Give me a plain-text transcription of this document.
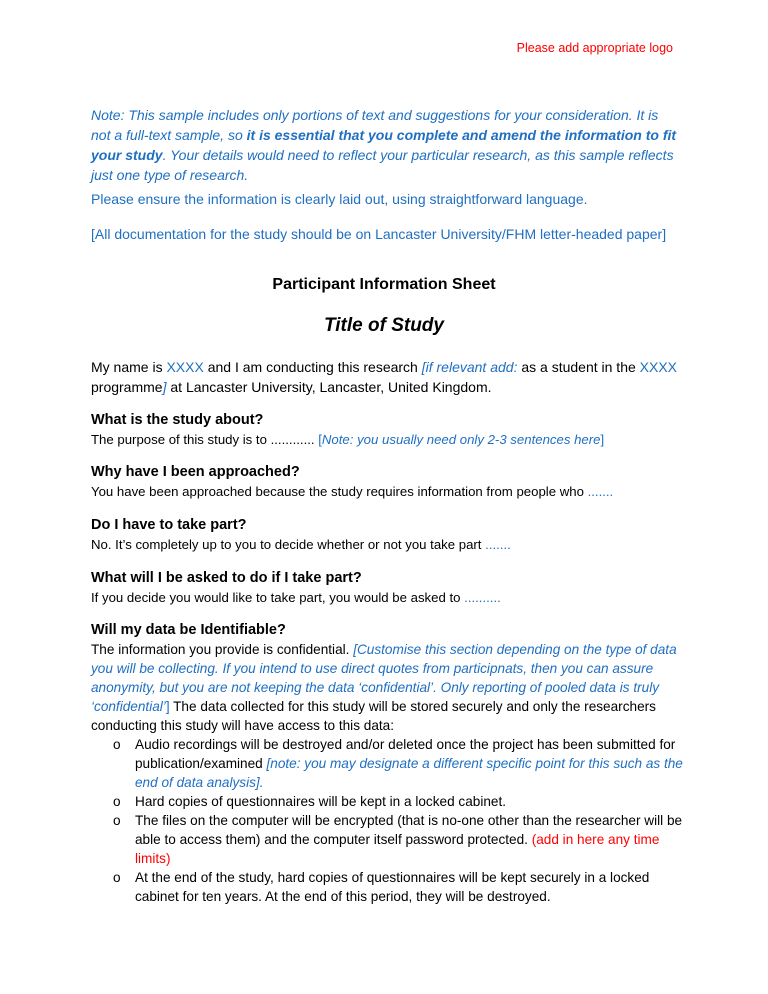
Please add appropriate logo

Note: This sample includes only portions of text and suggestions for your consideration. It is not a full-text sample, so it is essential that you complete and amend the information to fit your study. Your details would need to reflect your particular research, as this sample reflects just one type of research.

Please ensure the information is clearly laid out, using straightforward language.

[All documentation for the study should be on Lancaster University/FHM letter-headed paper]

Participant Information Sheet
Title of Study

My name is XXXX and I am conducting this research [if relevant add: as a student in the XXXX
programme] at Lancaster University, Lancaster, United Kingdom.

What is the study about?

The purpose of this study is to ............ [Note: you usually need only 2-3 sentences here]

Why have I been approached?

You have been approached because the study requires information from people who .......

Do I have to take part?

No. It’s completely up to you to decide whether or not you take part .......

What will I be asked to do if I take part?

If you decide you would like to take part, you would be asked to ..........

Will my data be Identifiable?

The information you provide is confidential. [Customise this section depending on the type of data you will be collecting. If you intend to use direct quotes from participnats, then you can assure anonymity, but you are not keeping the data ‘confidential’. Only reporting of pooled data is truly ‘confidential’] The data collected for this study will be stored securely and only the researchers conducting this study will have access to this data:

o Audio recordings will be destroyed and/or deleted once the project has been submitted for publication/examined [note: you may designate a different specific point for this such as the end of data analysis].
o Hard copies of questionnaires will be kept in a locked cabinet.
o The files on the computer will be encrypted (that is no-one other than the researcher will be able to access them) and the computer itself password protected. (add in here any time limits)
o At the end of the study, hard copies of questionnaires will be kept securely in a locked cabinet for ten years. At the end of this period, they will be destroyed.
